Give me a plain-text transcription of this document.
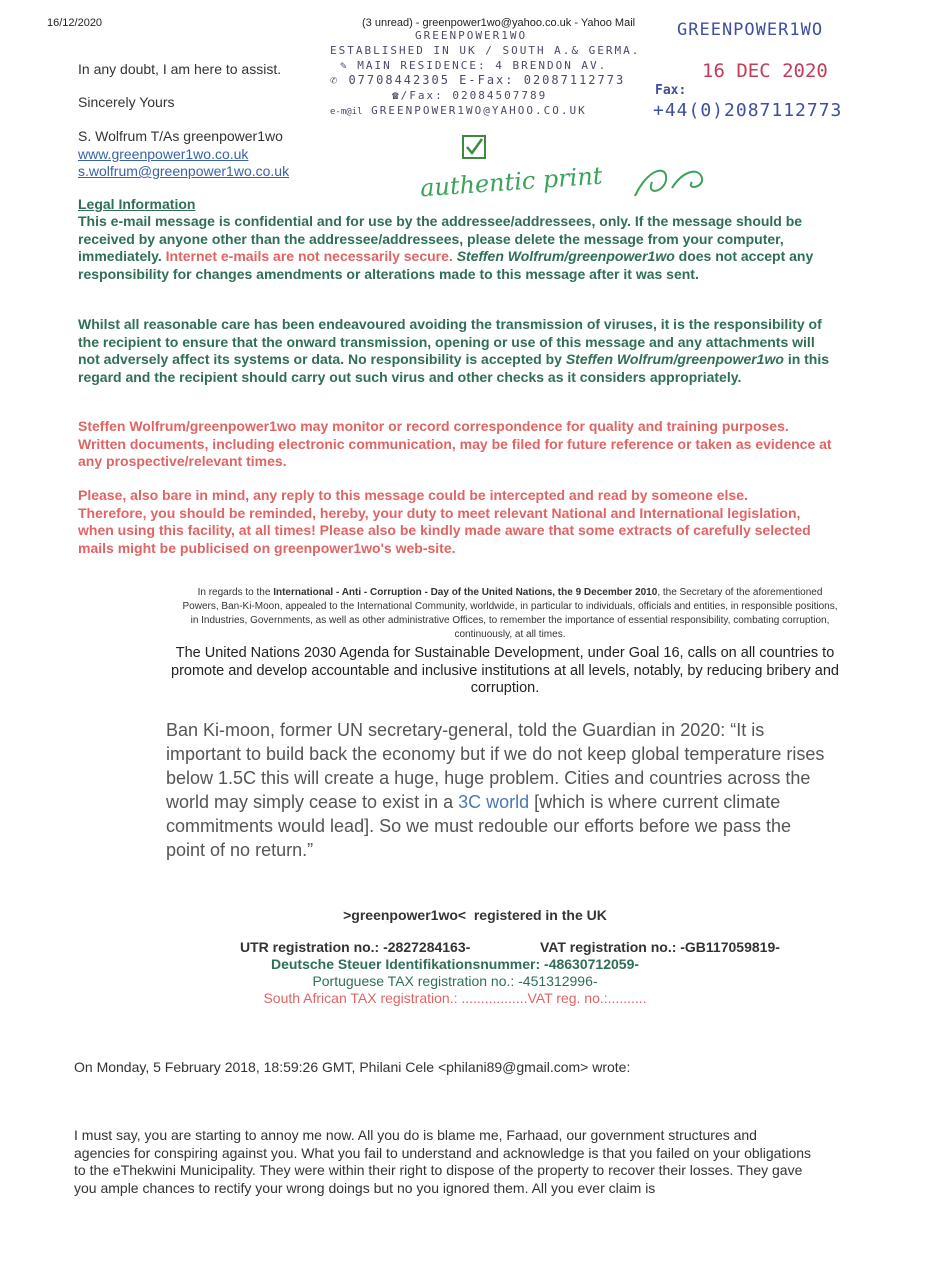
16/12/2020	(3 unread) - greenpower1wo@yahoo.co.uk - Yahoo Mail
GREENPOWER1WO
ESTABLISHED IN UK / SOUTH A.& GERMA.
✎ MAIN RESIDENCE: 4 BRENDON AV.
✆ 07708442305 E-Fax: 02087112773
☎/Fax: 02084507789
e-m@il GREENPOWER1WO@YAHOO.CO.UK
GREENPOWER1WO
16 DEC 2020
Fax:
+44(0)2087112773
authentic print
In any doubt, I am here to assist.
Sincerely Yours
S. Wolfrum T/As greenpower1wo
www.greenpower1wo.co.uk
s.wolfrum@greenpower1wo.co.uk
Legal Information
This e-mail message is confidential and for use by the addressee/addressees, only. If the message should be received by anyone other than the addressee/addressees, please delete the message from your computer, immediately. Internet e-mails are not necessarily secure. Steffen Wolfrum/greenpower1wo does not accept any responsibility for changes amendments or alterations made to this message after it was sent.
Whilst all reasonable care has been endeavoured avoiding the transmission of viruses, it is the responsibility of the recipient to ensure that the onward transmission, opening or use of this message and any attachments will not adversely affect its systems or data. No responsibility is accepted by Steffen Wolfrum/greenpower1wo in this regard and the recipient should carry out such virus and other checks as it considers appropriately.
Steffen Wolfrum/greenpower1wo may monitor or record correspondence for quality and training purposes. Written documents, including electronic communication, may be filed for future reference or taken as evidence at any prospective/relevant times.
Please, also bare in mind, any reply to this message could be intercepted and read by someone else. Therefore, you should be reminded, hereby, your duty to meet relevant National and International legislation, when using this facility, at all times! Please also be kindly made aware that some extracts of carefully selected mails might be publicised on greenpower1wo's web-site.
In regards to the International - Anti - Corruption - Day of the United Nations, the 9 December 2010, the Secretary of the aforementioned Powers, Ban-Ki-Moon, appealed to the International Community, worldwide, in particular to individuals, officials and entities, in responsible positions, in Industries, Governments, as well as other administrative Offices, to remember the importance of essential responsibility, combating corruption, continuously, at all times.
The United Nations 2030 Agenda for Sustainable Development, under Goal 16, calls on all countries to promote and develop accountable and inclusive institutions at all levels, notably, by reducing bribery and corruption.
Ban Ki-moon, former UN secretary-general, told the Guardian in 2020: “It is important to build back the economy but if we do not keep global temperature rises below 1.5C this will create a huge, huge problem. Cities and countries across the world may simply cease to exist in a 3C world [which is where current climate commitments would lead]. So we must redouble our efforts before we pass the point of no return.”
>greenpower1wo<  registered in the UK
UTR registration no.: -2827284163-	VAT registration no.: -GB117059819-
Deutsche Steuer Identifikationsnummer: -48630712059-
Portuguese TAX registration no.: -451312996-
South African TAX registration.: .................VAT reg. no.:..........
On Monday, 5 February 2018, 18:59:26 GMT, Philani Cele <philani89@gmail.com> wrote:
I must say, you are starting to annoy me now. All you do is blame me, Farhaad, our government structures and agencies for conspiring against you. What you fail to understand and acknowledge is that you failed on your obligations to the eThekwini Municipality. They were within their right to dispose of the property to recover their losses. They gave you ample chances to rectify your wrong doings but no you ignored them. All you ever claim is
